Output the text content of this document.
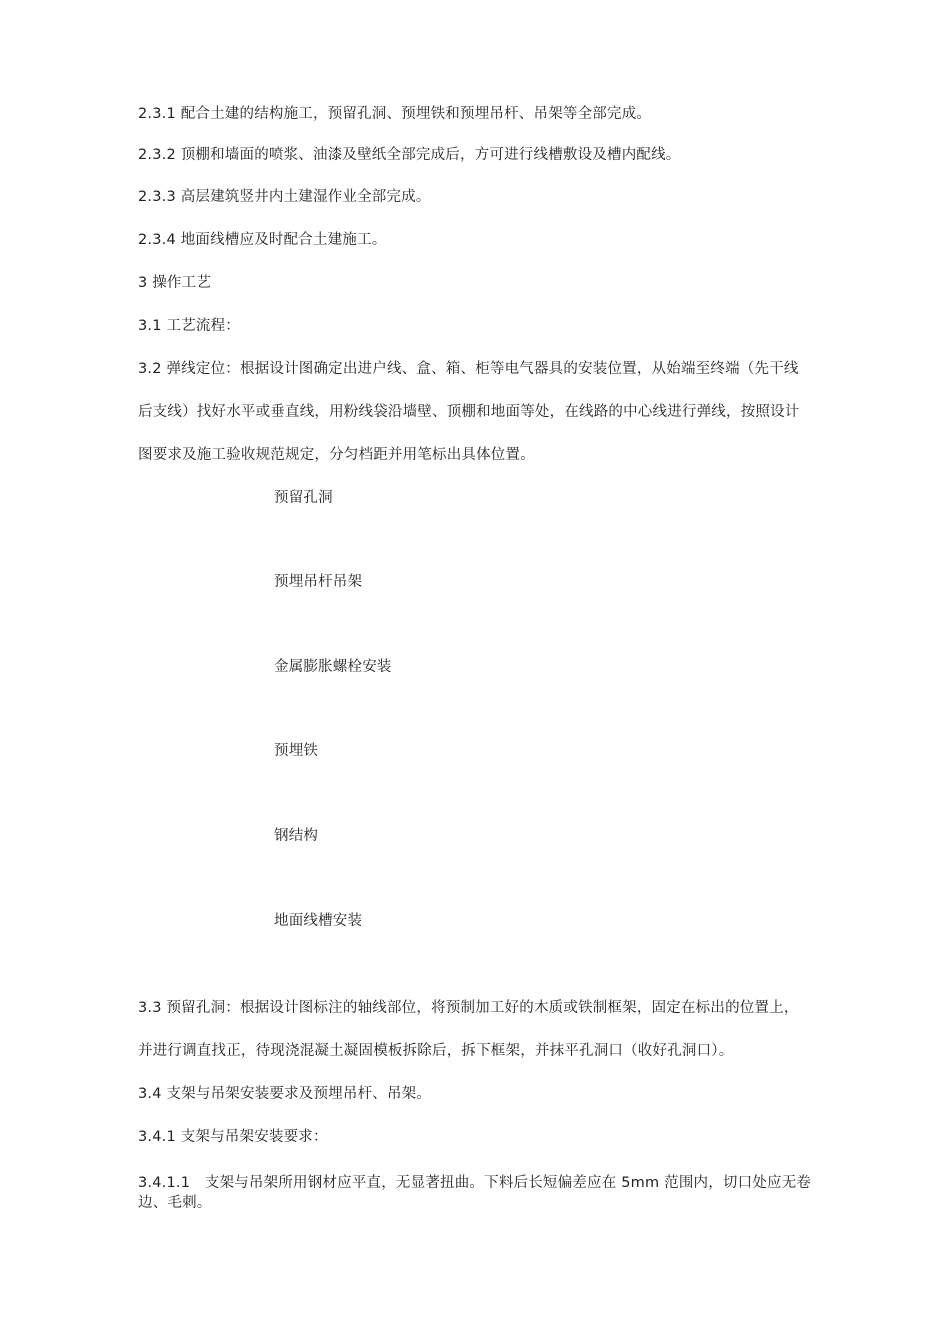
2.3.1 配合土建的结构施工，预留孔洞、预埋铁和预埋吊杆、吊架等全部完成。
2.3.2 顶棚和墙面的喷浆、油漆及壁纸全部完成后，方可进行线槽敷设及槽内配线。
2.3.3 高层建筑竖井内土建湿作业全部完成。
2.3.4 地面线槽应及时配合土建施工。
3 操作工艺
3.1 工艺流程：
3.2 弹线定位：根据设计图确定出进户线、盒、箱、柜等电气器具的安装位置，从始端至终端（先干线
后支线）找好水平或垂直线，用粉线袋沿墙壁、顶棚和地面等处，在线路的中心线进行弹线，按照设计
图要求及施工验收规范规定，分匀档距并用笔标出具体位置。
预留孔洞
预埋吊杆吊架
金属膨胀螺栓安装
预埋铁
钢结构
地面线槽安装
3.3 预留孔洞：根据设计图标注的轴线部位，将预制加工好的木质或铁制框架，固定在标出的位置上，
并进行调直找正，待现浇混凝土凝固模板拆除后，拆下框架，并抹平孔洞口（收好孔洞口）。
3.4 支架与吊架安装要求及预埋吊杆、吊架。
3.4.1 支架与吊架安装要求：
3.4.1.1　支架与吊架所用钢材应平直，无显著扭曲。下料后长短偏差应在 5mm 范围内，切口处应无卷边、毛刺。
